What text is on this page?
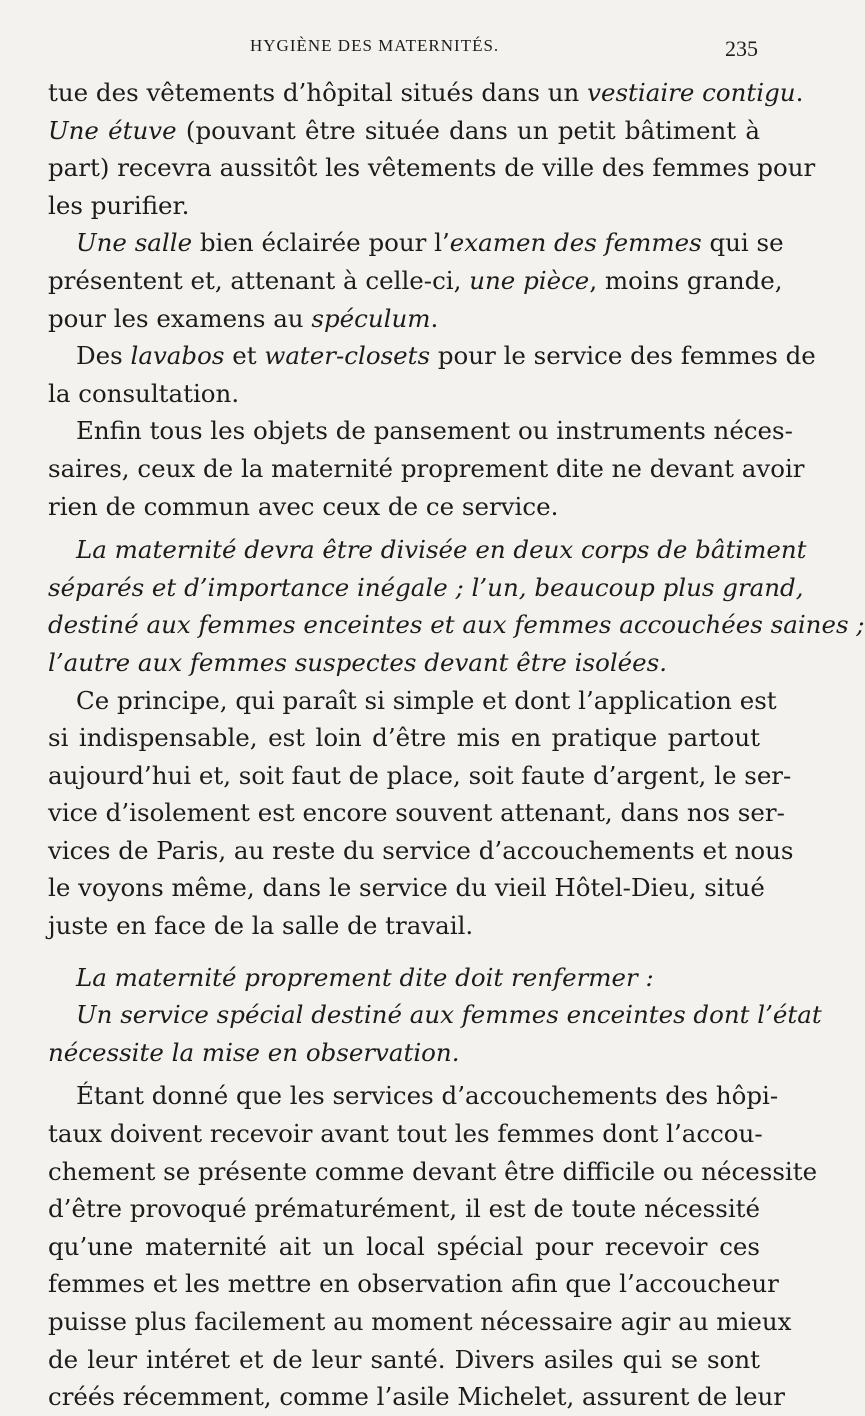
HYGIÈNE DES MATERNITÉS.	235
tue des vêtements d’hôpital situés dans un vestiaire contigu.
Une étuve (pouvant être située dans un petit bâtiment à
part) recevra aussitôt les vêtements de ville des femmes pour
les purifier.
Une salle bien éclairée pour l’examen des femmes qui se
présentent et, attenant à celle-ci, une pièce, moins grande,
pour les examens au spéculum.
Des lavabos et water-closets pour le service des femmes de
la consultation.
Enfin tous les objets de pansement ou instruments néces-
saires, ceux de la maternité proprement dite ne devant avoir
rien de commun avec ceux de ce service.
La maternité devra être divisée en deux corps de bâtiment
séparés et d’importance inégale ; l’un, beaucoup plus grand,
destiné aux femmes enceintes et aux femmes accouchées saines ;
l’autre aux femmes suspectes devant être isolées.
Ce principe, qui paraît si simple et dont l’application est
si indispensable, est loin d’être mis en pratique partout
aujourd’hui et, soit faut de place, soit faute d’argent, le ser-
vice d’isolement est encore souvent attenant, dans nos ser-
vices de Paris, au reste du service d’accouchements et nous
le voyons même, dans le service du vieil Hôtel-Dieu, situé
juste en face de la salle de travail.
La maternité proprement dite doit renfermer :
Un service spécial destiné aux femmes enceintes dont l’état
nécessite la mise en observation.
Étant donné que les services d’accouchements des hôpi-
taux doivent recevoir avant tout les femmes dont l’accou-
chement se présente comme devant être difficile ou nécessite
d’être provoqué prématurément, il est de toute nécessité
qu’une maternité ait un local spécial pour recevoir ces
femmes et les mettre en observation afin que l’accoucheur
puisse plus facilement au moment nécessaire agir au mieux
de leur intéret et de leur santé. Divers asiles qui se sont
créés récemment, comme l’asile Michelet, assurent de leur
